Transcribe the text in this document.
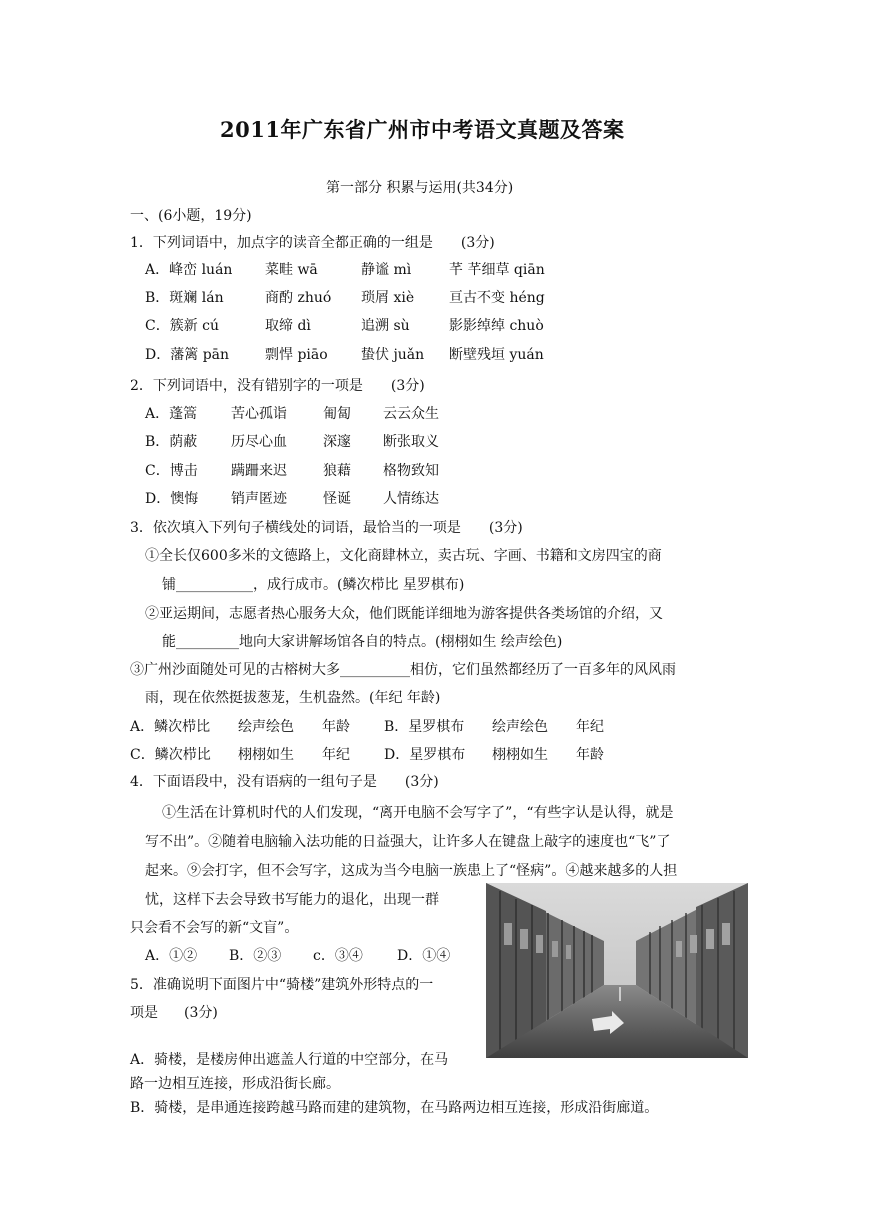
2011年广东省广州市中考语文真题及答案
第一部分 积累与运用(共34分)
一、(6小题，19分)
1．下列词语中，加点字的读音全都正确的一组是 (3分)
A．峰峦 luán 菜畦 wā	静谧 mì	芊 芊细草 qiān
B．斑斓 lán	商酌 zhuó 琐屑 xiè 亘古不变 héng
C．簇新 cú	取缔 dì	追溯 sù	影影绰绰 chuò
D．藩篱 pān	剽悍 piāo 蛰伏 juǎn 断壁残垣 yuán
2．下列词语中，没有错别字的一项是 (3分)
A．蓬篙 苦心孤诣	匍匐 云云众生
B．荫蔽 历尽心血	深邃 断张取义
C．博击 蹒跚来迟	狼藉 格物致知
D．懊悔 销声匿迹	怪诞 人情练达
3．依次填入下列句子横线处的词语，最恰当的一项是 (3分)
①全长仅600多米的文德路上，文化商肆林立，卖古玩、字画、书籍和文房四宝的商
铺___________，成行成市。(鳞次栉比 星罗棋布)
②亚运期间，志愿者热心服务大众，他们既能详细地为游客提供各类场馆的介绍，又
能_________地向大家讲解场馆各自的特点。(栩栩如生 绘声绘色)
③广州沙面随处可见的古榕树大多__________相仿，它们虽然都经历了一百多年的风风雨
雨，现在依然挺拔葱茏，生机盎然。(年纪 年龄)
A．鳞次栉比 绘声绘色 年龄 B．星罗棋布 绘声绘色 年纪
C．鳞次栉比 栩栩如生 年纪 D．星罗棋布 栩栩如生 年龄
4．下面语段中，没有语病的一组句子是 (3分)
①生活在计算机时代的人们发现，“离开电脑不会写字了”，“有些字认是认得，就是
写不出”。②随着电脑输入法功能的日益强大，让许多人在键盘上敲字的速度也“飞”了
起来。⑨会打字，但不会写字，这成为当今电脑一族患上了“怪病”。④越来越多的人担
忧，这样下去会导致书写能力的退化，出现一群
只会看不会写的新“文盲”。
A．①② B．②③ c．③④ D．①④
5．准确说明下面图片中“骑楼”建筑外形特点的一
项是 (3分)
A．骑楼，是楼房伸出遮盖人行道的中空部分，在马
路一边相互连接，形成沿街长廊。
B．骑楼，是串通连接跨越马路而建的建筑物，在马路两边相互连接，形成沿街廊道。
